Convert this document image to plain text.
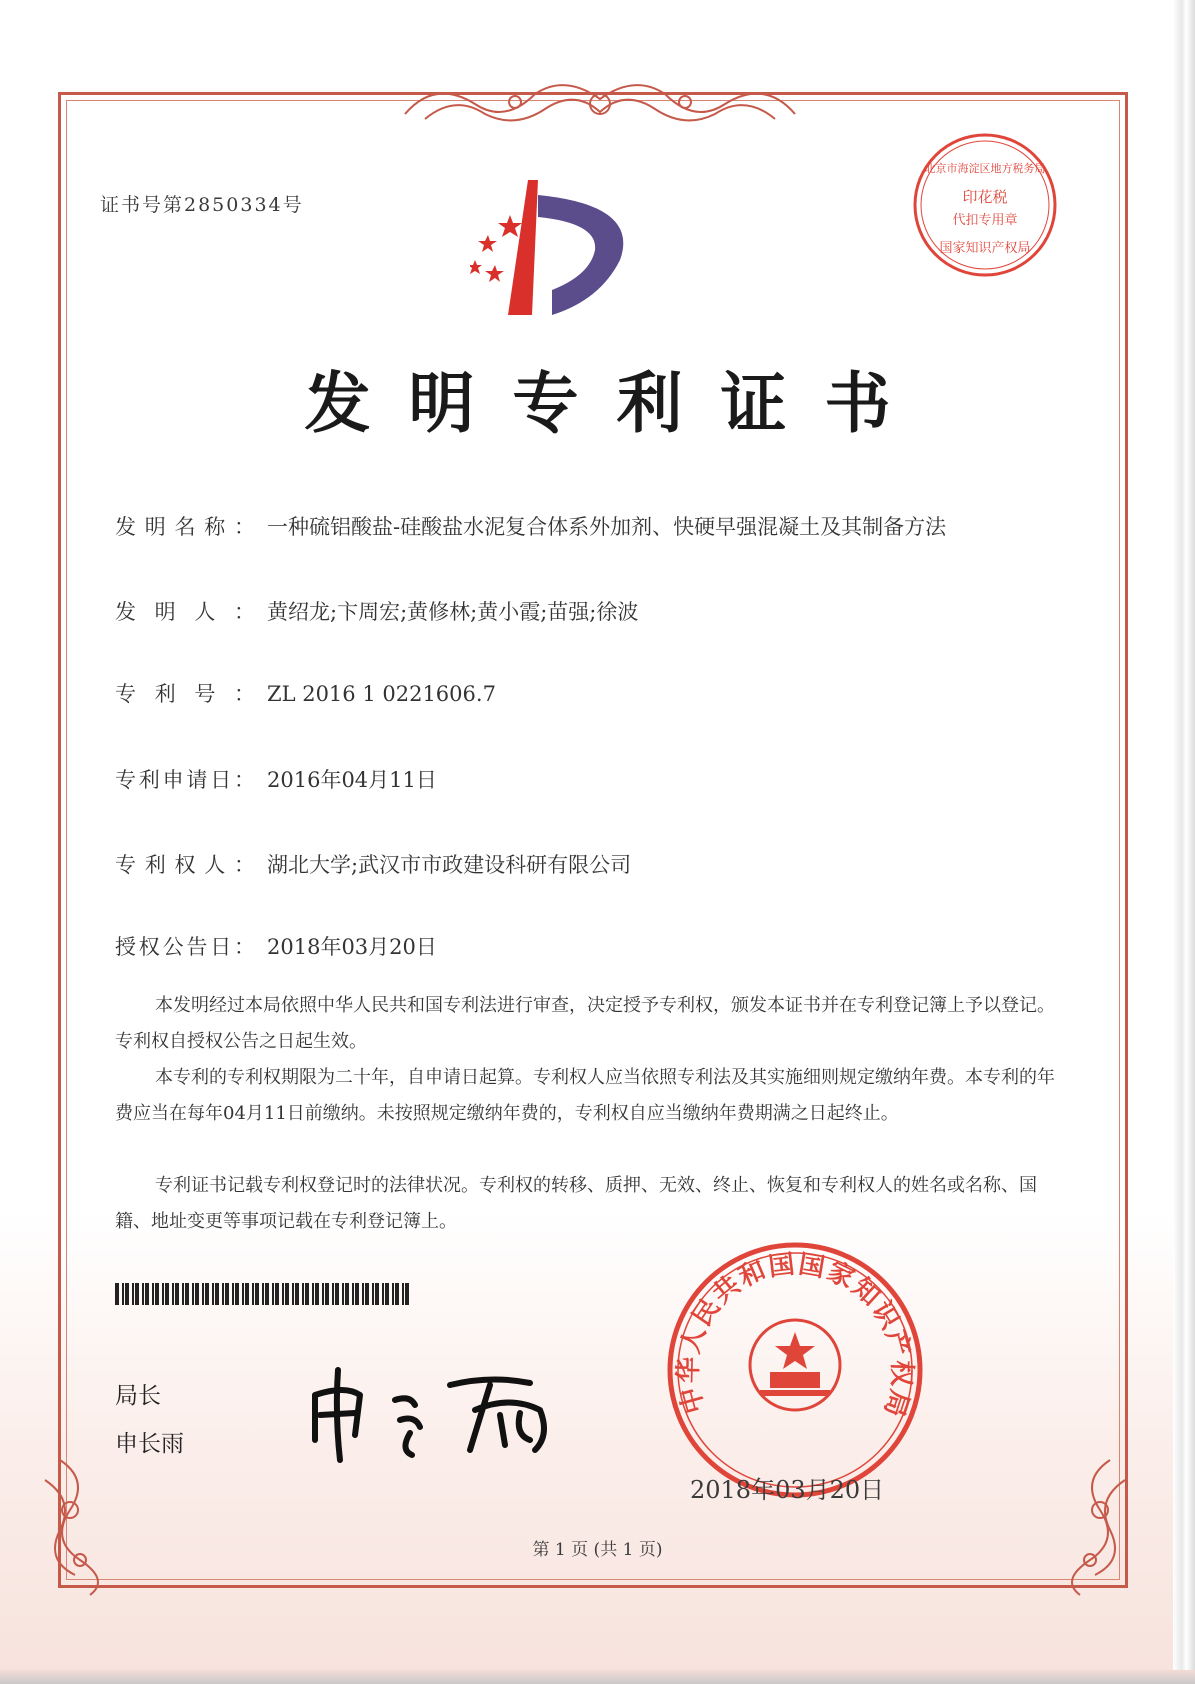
证书号第2850334号
北京市海淀区地方税务局
印花税
代扣专用章
国家知识产权局
发明专利证书
发明名称： 一种硫铝酸盐-硅酸盐水泥复合体系外加剂、快硬早强混凝土及其制备方法
发明人： 黄绍龙;卞周宏;黄修林;黄小霞;苗强;徐波
专利号： ZL 2016 1 0221606.7
专利申请日： 2016年04月11日
专利权人： 湖北大学;武汉市市政建设科研有限公司
授权公告日： 2018年03月20日
本发明经过本局依照中华人民共和国专利法进行审查，决定授予专利权，颁发本证书并在专利登记簿上予以登记。专利权自授权公告之日起生效。
本专利的专利权期限为二十年，自申请日起算。专利权人应当依照专利法及其实施细则规定缴纳年费。本专利的年费应当在每年04月11日前缴纳。未按照规定缴纳年费的，专利权自应当缴纳年费期满之日起终止。
专利证书记载专利权登记时的法律状况。专利权的转移、质押、无效、终止、恢复和专利权人的姓名或名称、国籍、地址变更等事项记载在专利登记簿上。
局长
申长雨
中华人民共和国国家知识产权局
2018年03月20日
第 1 页 (共 1 页)
